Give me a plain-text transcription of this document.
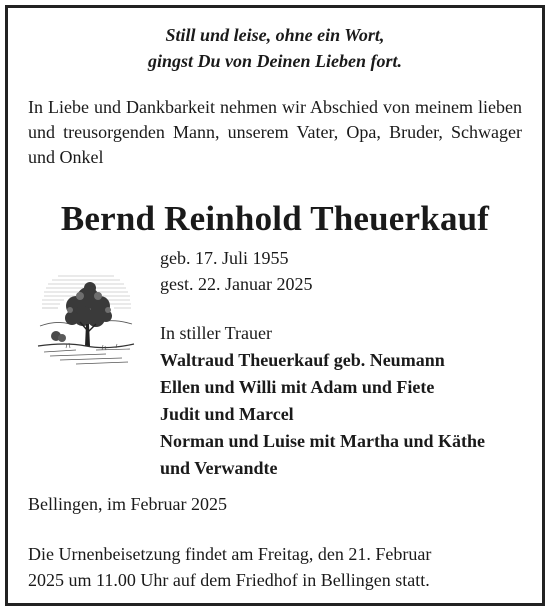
Still und leise, ohne ein Wort,

gingst Du von Deinen Lieben fort.

In Liebe und Dankbarkeit nehmen wir Abschied von meinem lieben und treusorgenden Mann, unserem Vater, Opa, Bruder, Schwager und Onkel

Bernd Reinhold Theuerkauf
geb. 17. Juli 1955
gest. 22. Januar 2025
In stiller Trauer
Waltraud Theuerkauf geb. Neumann
Ellen und Willi mit Adam und Fiete
Judit und Marcel
Norman und Luise mit Martha und Käthe
und Verwandte

Bellingen, im Februar 2025

Die Urnenbeisetzung findet am Freitag, den 21. Februar
2025 um 11.00 Uhr auf dem Friedhof in Bellingen statt.
